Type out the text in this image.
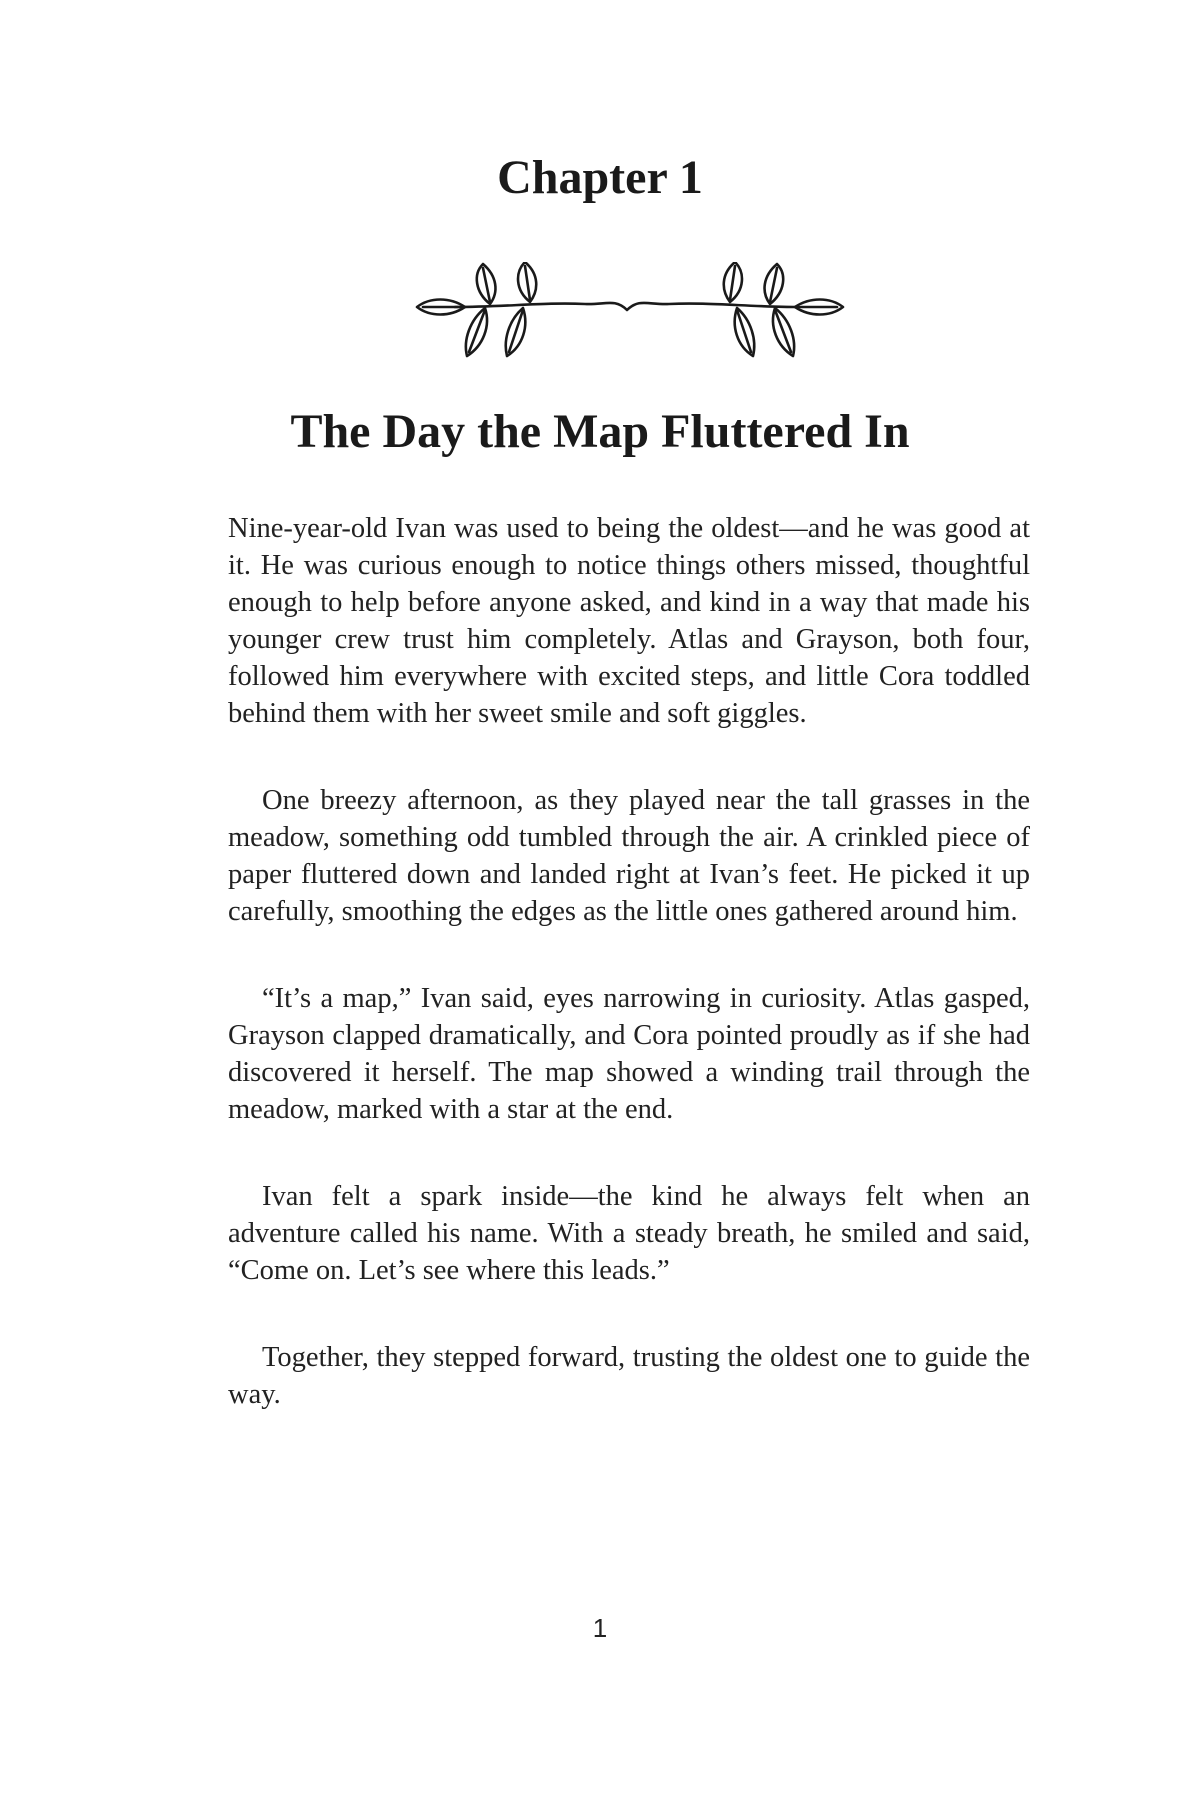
Chapter 1
The Day the Map Fluttered In

Nine-year-old Ivan was used to being the oldest—and he was good at it. He was curious enough to notice things others missed, thoughtful enough to help before anyone asked, and kind in a way that made his younger crew trust him completely. Atlas and Grayson, both four, followed him everywhere with excited steps, and little Cora toddled behind them with her sweet smile and soft giggles.

One breezy afternoon, as they played near the tall grasses in the meadow, something odd tumbled through the air. A crinkled piece of paper fluttered down and landed right at Ivan’s feet. He picked it up carefully, smoothing the edges as the little ones gathered around him.

“It’s a map,” Ivan said, eyes narrowing in curiosity. Atlas gasped, Grayson clapped dramatically, and Cora pointed proudly as if she had discovered it herself. The map showed a winding trail through the meadow, marked with a star at the end.

Ivan felt a spark inside—the kind he always felt when an adventure called his name. With a steady breath, he smiled and said, “Come on. Let’s see where this leads.”

Together, they stepped forward, trusting the oldest one to guide the way.

1
